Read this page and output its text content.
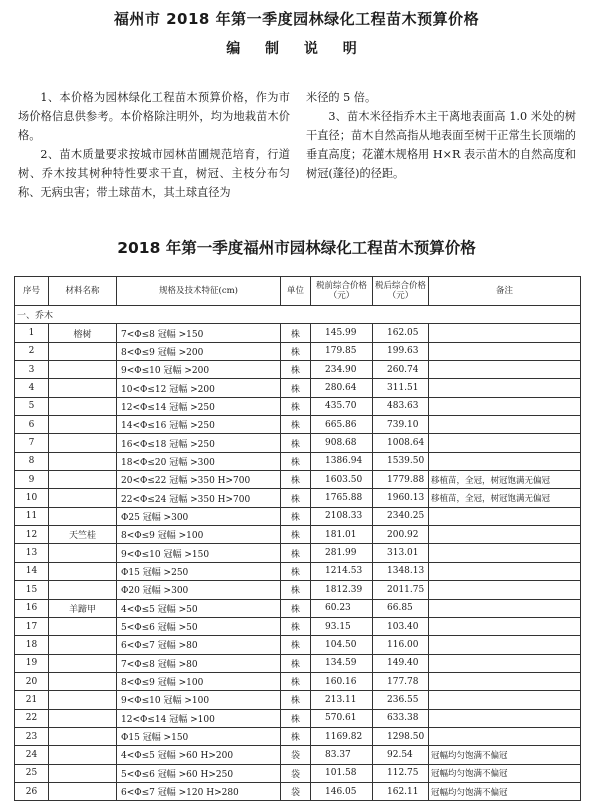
福州市 2018 年第一季度园林绿化工程苗木预算价格
编 制 说 明

1、本价格为园林绿化工程苗木预算价格，作为市场价格信息供参考。本价格除注明外，均为地栽苗木价格。

2、苗木质量要求按城市园林苗圃规范培育，行道树、乔木按其树种特性要求干直，树冠、主枝分布匀称、无病虫害；带土球苗木，其土球直径为

米径的 5 倍。

3、苗木米径指乔木主干离地表面高 1.0 米处的树干直径；苗木自然高指从地表面至树干正常生长顶端的垂直高度；花灌木规格用 H×R 表示苗木的自然高度和树冠(蓬径)的径距。

2018 年第一季度福州市园林绿化工程苗木预算价格
序号	材料名称	规格及技术特征(cm)	单位	税前综合价格（元）	税后综合价格（元）	备注
一、乔木						
1	榕树	7<Φ≤8 冠幅 >150	株	145.99	162.05	
2		8<Φ≤9 冠幅 >200	株	179.85	199.63	
3		9<Φ≤10 冠幅 >200	株	234.90	260.74	
4		10<Φ≤12 冠幅 >200	株	280.64	311.51	
5		12<Φ≤14 冠幅 >250	株	435.70	483.63	
6		14<Φ≤16 冠幅 >250	株	665.86	739.10	
7		16<Φ≤18 冠幅 >250	株	908.68	1008.64	
8		18<Φ≤20 冠幅 >300	株	1386.94	1539.50	
9		20<Φ≤22 冠幅 >350 H>700	株	1603.50	1779.88	移植苗，全冠，树冠饱满无偏冠
10		22<Φ≤24 冠幅 >350 H>700	株	1765.88	1960.13	移植苗，全冠，树冠饱满无偏冠
11		Φ25 冠幅 >300	株	2108.33	2340.25	
12	天竺桂	8<Φ≤9 冠幅 >100	株	181.01	200.92	
13		9<Φ≤10 冠幅 >150	株	281.99	313.01	
14		Φ15 冠幅 >250	株	1214.53	1348.13	
15		Φ20 冠幅 >300	株	1812.39	2011.75	
16	羊蹄甲	4<Φ≤5 冠幅 >50	株	60.23	66.85	
17		5<Φ≤6 冠幅 >50	株	93.15	103.40	
18		6<Φ≤7 冠幅 >80	株	104.50	116.00	
19		7<Φ≤8 冠幅 >80	株	134.59	149.40	
20		8<Φ≤9 冠幅 >100	株	160.16	177.78	
21		9<Φ≤10 冠幅 >100	株	213.11	236.55	
22		12<Φ≤14 冠幅 >100	株	570.61	633.38	
23		Φ15 冠幅 >150	株	1169.82	1298.50	
24		4<Φ≤5 冠幅 >60 H>200	袋	83.37	92.54	冠幅均匀饱满不偏冠
25		5<Φ≤6 冠幅 >60 H>250	袋	101.58	112.75	冠幅均匀饱满不偏冠
26		6<Φ≤7 冠幅 >120 H>280	袋	146.05	162.11	冠幅均匀饱满不偏冠
